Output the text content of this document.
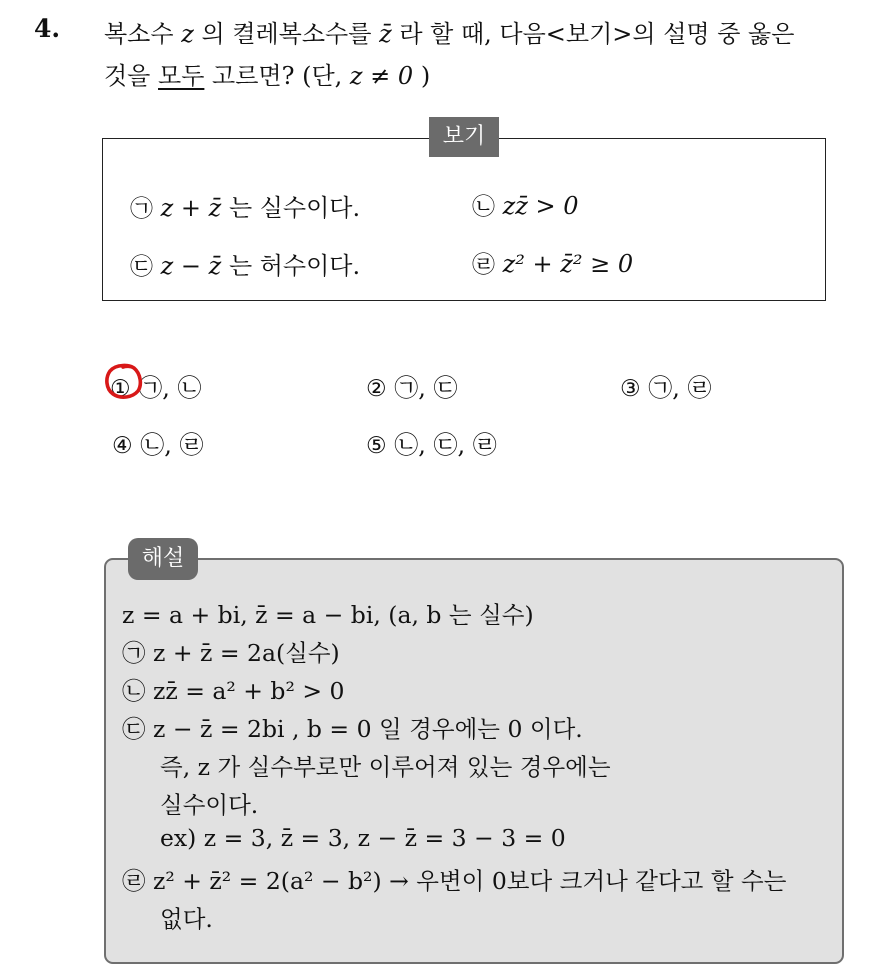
4. 복소수 z 의 켤레복소수를 z̄ 라 할 때, 다음<보기>의 설명 중 옳은
것을 모두 고르면? (단, z ≠ 0 )
보기
㉠ z + z̄ 는 실수이다.	㉡ zz̄ > 0
㉢ z − z̄ 는 허수이다.	㉣ z² + z̄² ≥ 0
① ㉠, ㉡	② ㉠, ㉢	③ ㉠, ㉣
④ ㉡, ㉣	⑤ ㉡, ㉢, ㉣
해설
z = a + bi, z̄ = a − bi, (a, b 는 실수)
㉠ z + z̄ = 2a(실수)
㉡ zz̄ = a² + b² > 0
㉢ z − z̄ = 2bi , b = 0 일 경우에는 0 이다.
즉, z 가 실수부로만 이루어져 있는 경우에는
실수이다.
ex) z = 3, z̄ = 3, z − z̄ = 3 − 3 = 0
㉣ z² + z̄² = 2(a² − b²) → 우변이 0보다 크거나 같다고 할 수는
없다.
